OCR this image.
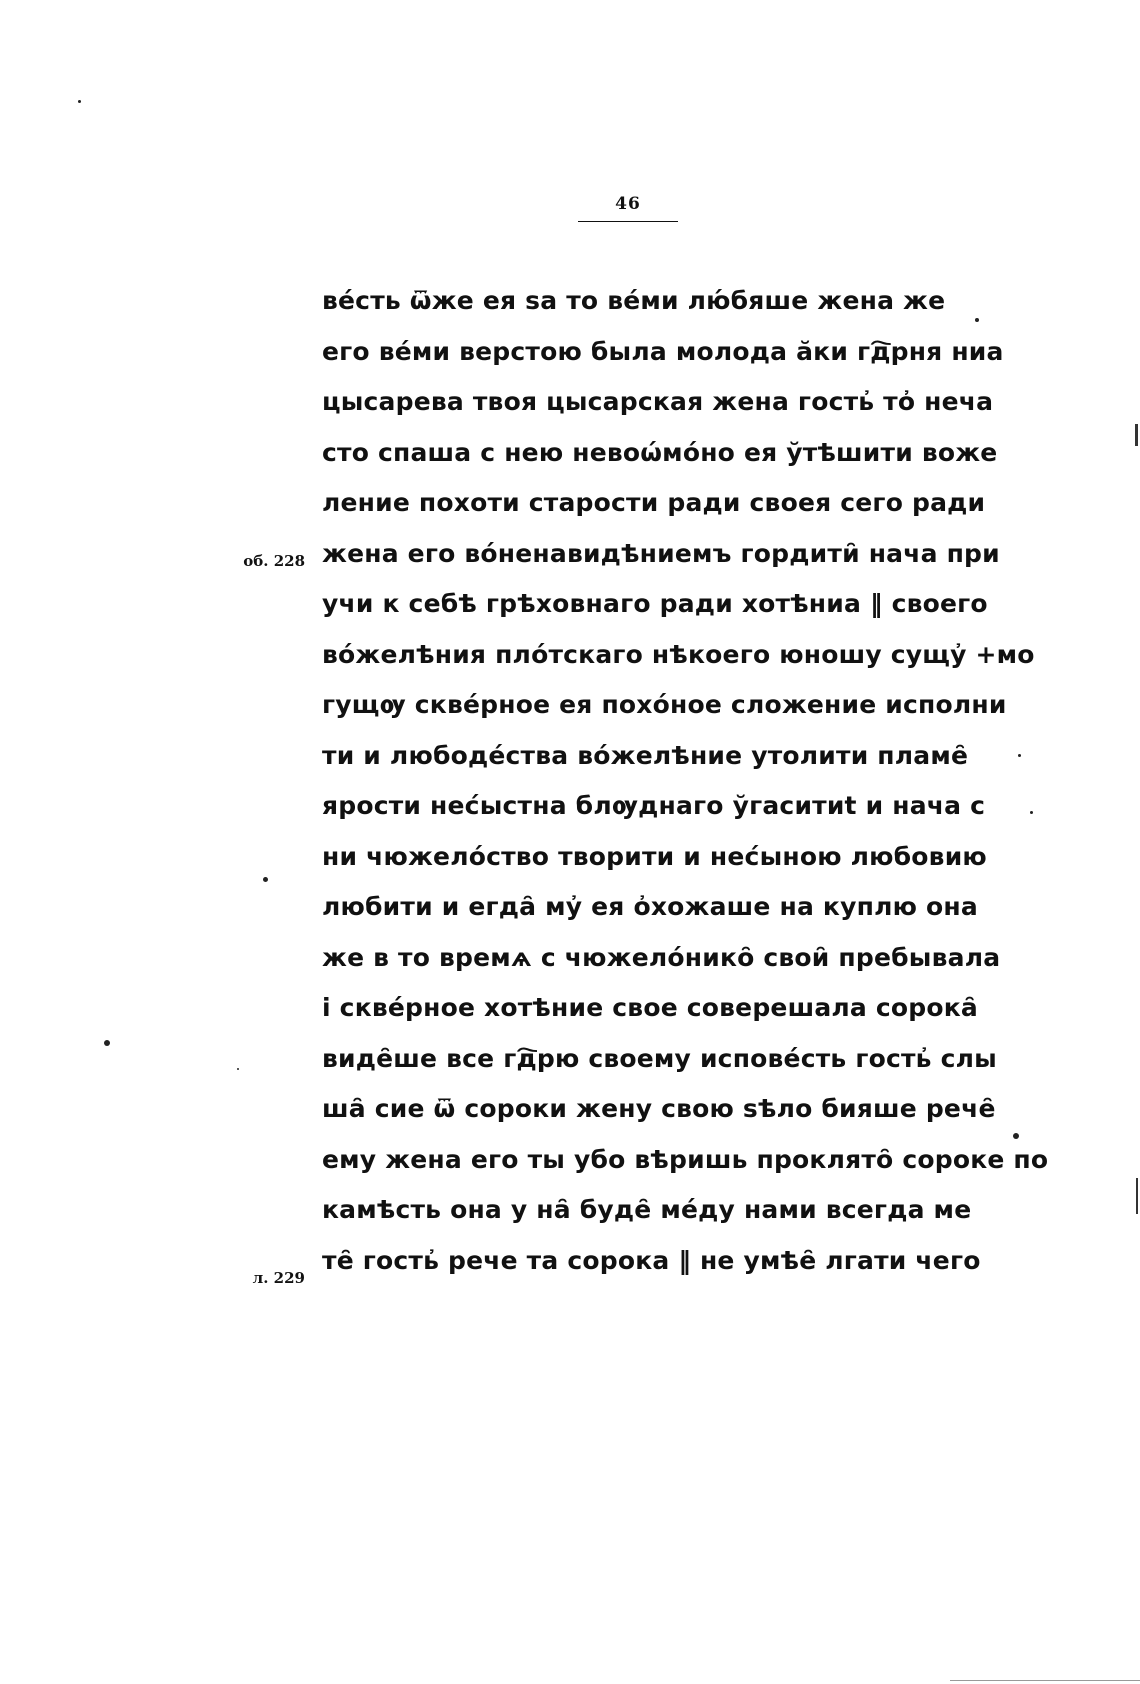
46
об. 228
л. 229
ве́сть ѿже ея ѕа то ве́ми лю́бяше жена же
его ве́ми верстою была молода ӑки гд҇рня ниа
цысарева твоя цысарская жена гость҆ то҆ неча
сто спаша с нею невоѡ́мо́но ея ўтѣшити воже
ление похоти старости ради своея сего ради
жена его во́ненавидѣниемъ гордити̑ нача при
учи к себѣ грѣховнаго ради хотѣниа ‖ своего
во́желѣния пло́тскаго нѣкоего юношу сущу҆ +мо
гущѹ скве́рное ея похо́ное сложение исполни
ти и любоде́ства во́желѣние утолити пламе̑
ярости нес́ыстна блѹднаго ўгаситиt и нача с
ни чюжело́ство творити и нес́ыною любовию
любити и егда̑ му҆ ея о҆хожаше на куплю она
же в то времѧ с чюжело́нико̑ свои̑ пребывала
і скве́рное хотѣние свое соверешала сорока̑
виде̑ше все гд҇рю своему испове́сть гость҆ слы
ша̑ сие ѿ сороки жену свою ѕѣло бияше рече̑
ему жена его ты убо вѣришь проклято̑ сороке по
камѣсть она у на̑ буде̑ ме́ду нами всегда ме
те̑ гость҆ рече та сорока ‖ не умѣе̑ лгати чего
